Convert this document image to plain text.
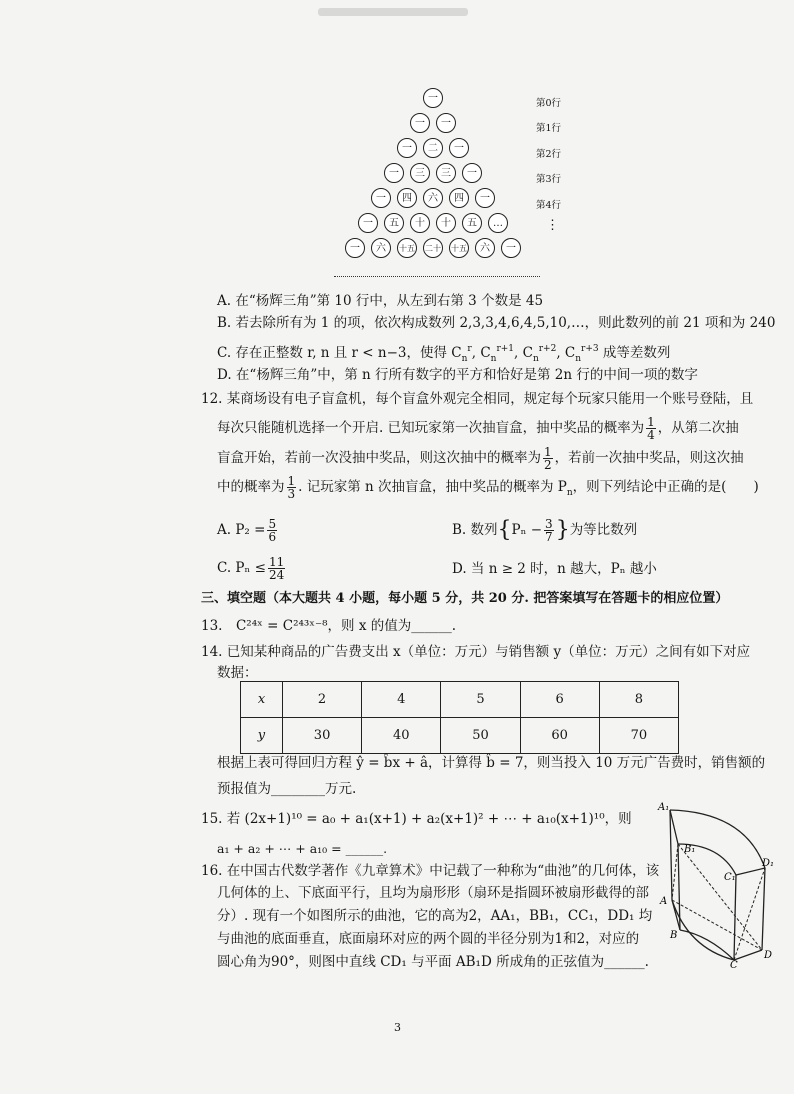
一
一	一
一	二	一
一	三	三	一
一	四	六	四	一
一	五	十	十	五	…
一	六	十五 二十 十五	六	一
第0行
第1行
第2行
第3行
第4行
⋮
A. 在“杨辉三角”第 10 行中，从左到右第 3 个数是 45
B. 若去除所有为 1 的项，依次构成数列 2,3,3,4,6,4,5,10,…，则此数列的前 21 项和为 240
C. 存在正整数 r, n 且 r < n−3，使得 $C_n^r$, $C_n^{r+1}$, $C_n^{r+2}$, $C_n^{r+3}$ 成等差数列
D. 在“杨辉三角”中，第 n 行所有数字的平方和恰好是第 2n 行的中间一项的数字
12. 某商场设有电子盲盒机，每个盲盒外观完全相同，规定每个玩家只能用一个账号登陆，且
每次只能随机选择一个开启. 已知玩家第一次抽盲盒，抽中奖品的概率为 $\frac{1}{4}$ ，从第二次抽
盲盒开始，若前一次没抽中奖品，则这次抽中的概率为 $\frac{1}{2}$ ，若前一次抽中奖品，则这次抽
中的概率为 $\frac{1}{3}$ . 记玩家第 n 次抽盲盒，抽中奖品的概率为 $P_n$，则下列结论中正确的是(　　)
A. $P_2 = \frac{5}{6}$	B. 数列{$P_n - \frac{3}{7}$ }为等比数列
C. $P_n \le \frac{11}{24}$	D. 当 n ≥ 2 时，n 越大，Pₙ 越小
三、填空题（本大题共 4 小题，每小题 5 分，共 20 分. 把答案填写在答题卡的相应位置）
13.　C²⁴ˣ = C²⁴³ˣ⁻⁸，则 x 的值为______.
14. 已知某种商品的广告费支出 x（单位：万元）与销售额 y（单位：万元）之间有如下对应
数据：
x	2	4	5	6	8
y	30	40	50	60	70
根据上表可得回归方程 ŷ = b̂x + â，计算得 b̂ = 7，则当投入 10 万元广告费时，销售额的
预报值为________万元.
15. 若 (2x+1)¹⁰ = a₀ + a₁(x+1) + a₂(x+1)² + ⋯ + a₁₀(x+1)¹⁰，则
a₁ + a₂ + ⋯ + a₁₀ = ______.
16. 在中国古代数学著作《九章算术》中记载了一种称为“曲池”的几何体，该
几何体的上、下底面平行，且均为扇形形（扇环是指圆环被扇形截得的部
分）. 现有一个如图所示的曲池，它的高为2，AA₁，BB₁，CC₁，DD₁ 均
与曲池的底面垂直，底面扇环对应的两个圆的半径分别为1和2，对应的
圆心角为90°，则图中直线 CD₁ 与平面 AB₁D 所成角的正弦值为______.
A₁
B₁
C₁
D₁
A
B
C
D
3
